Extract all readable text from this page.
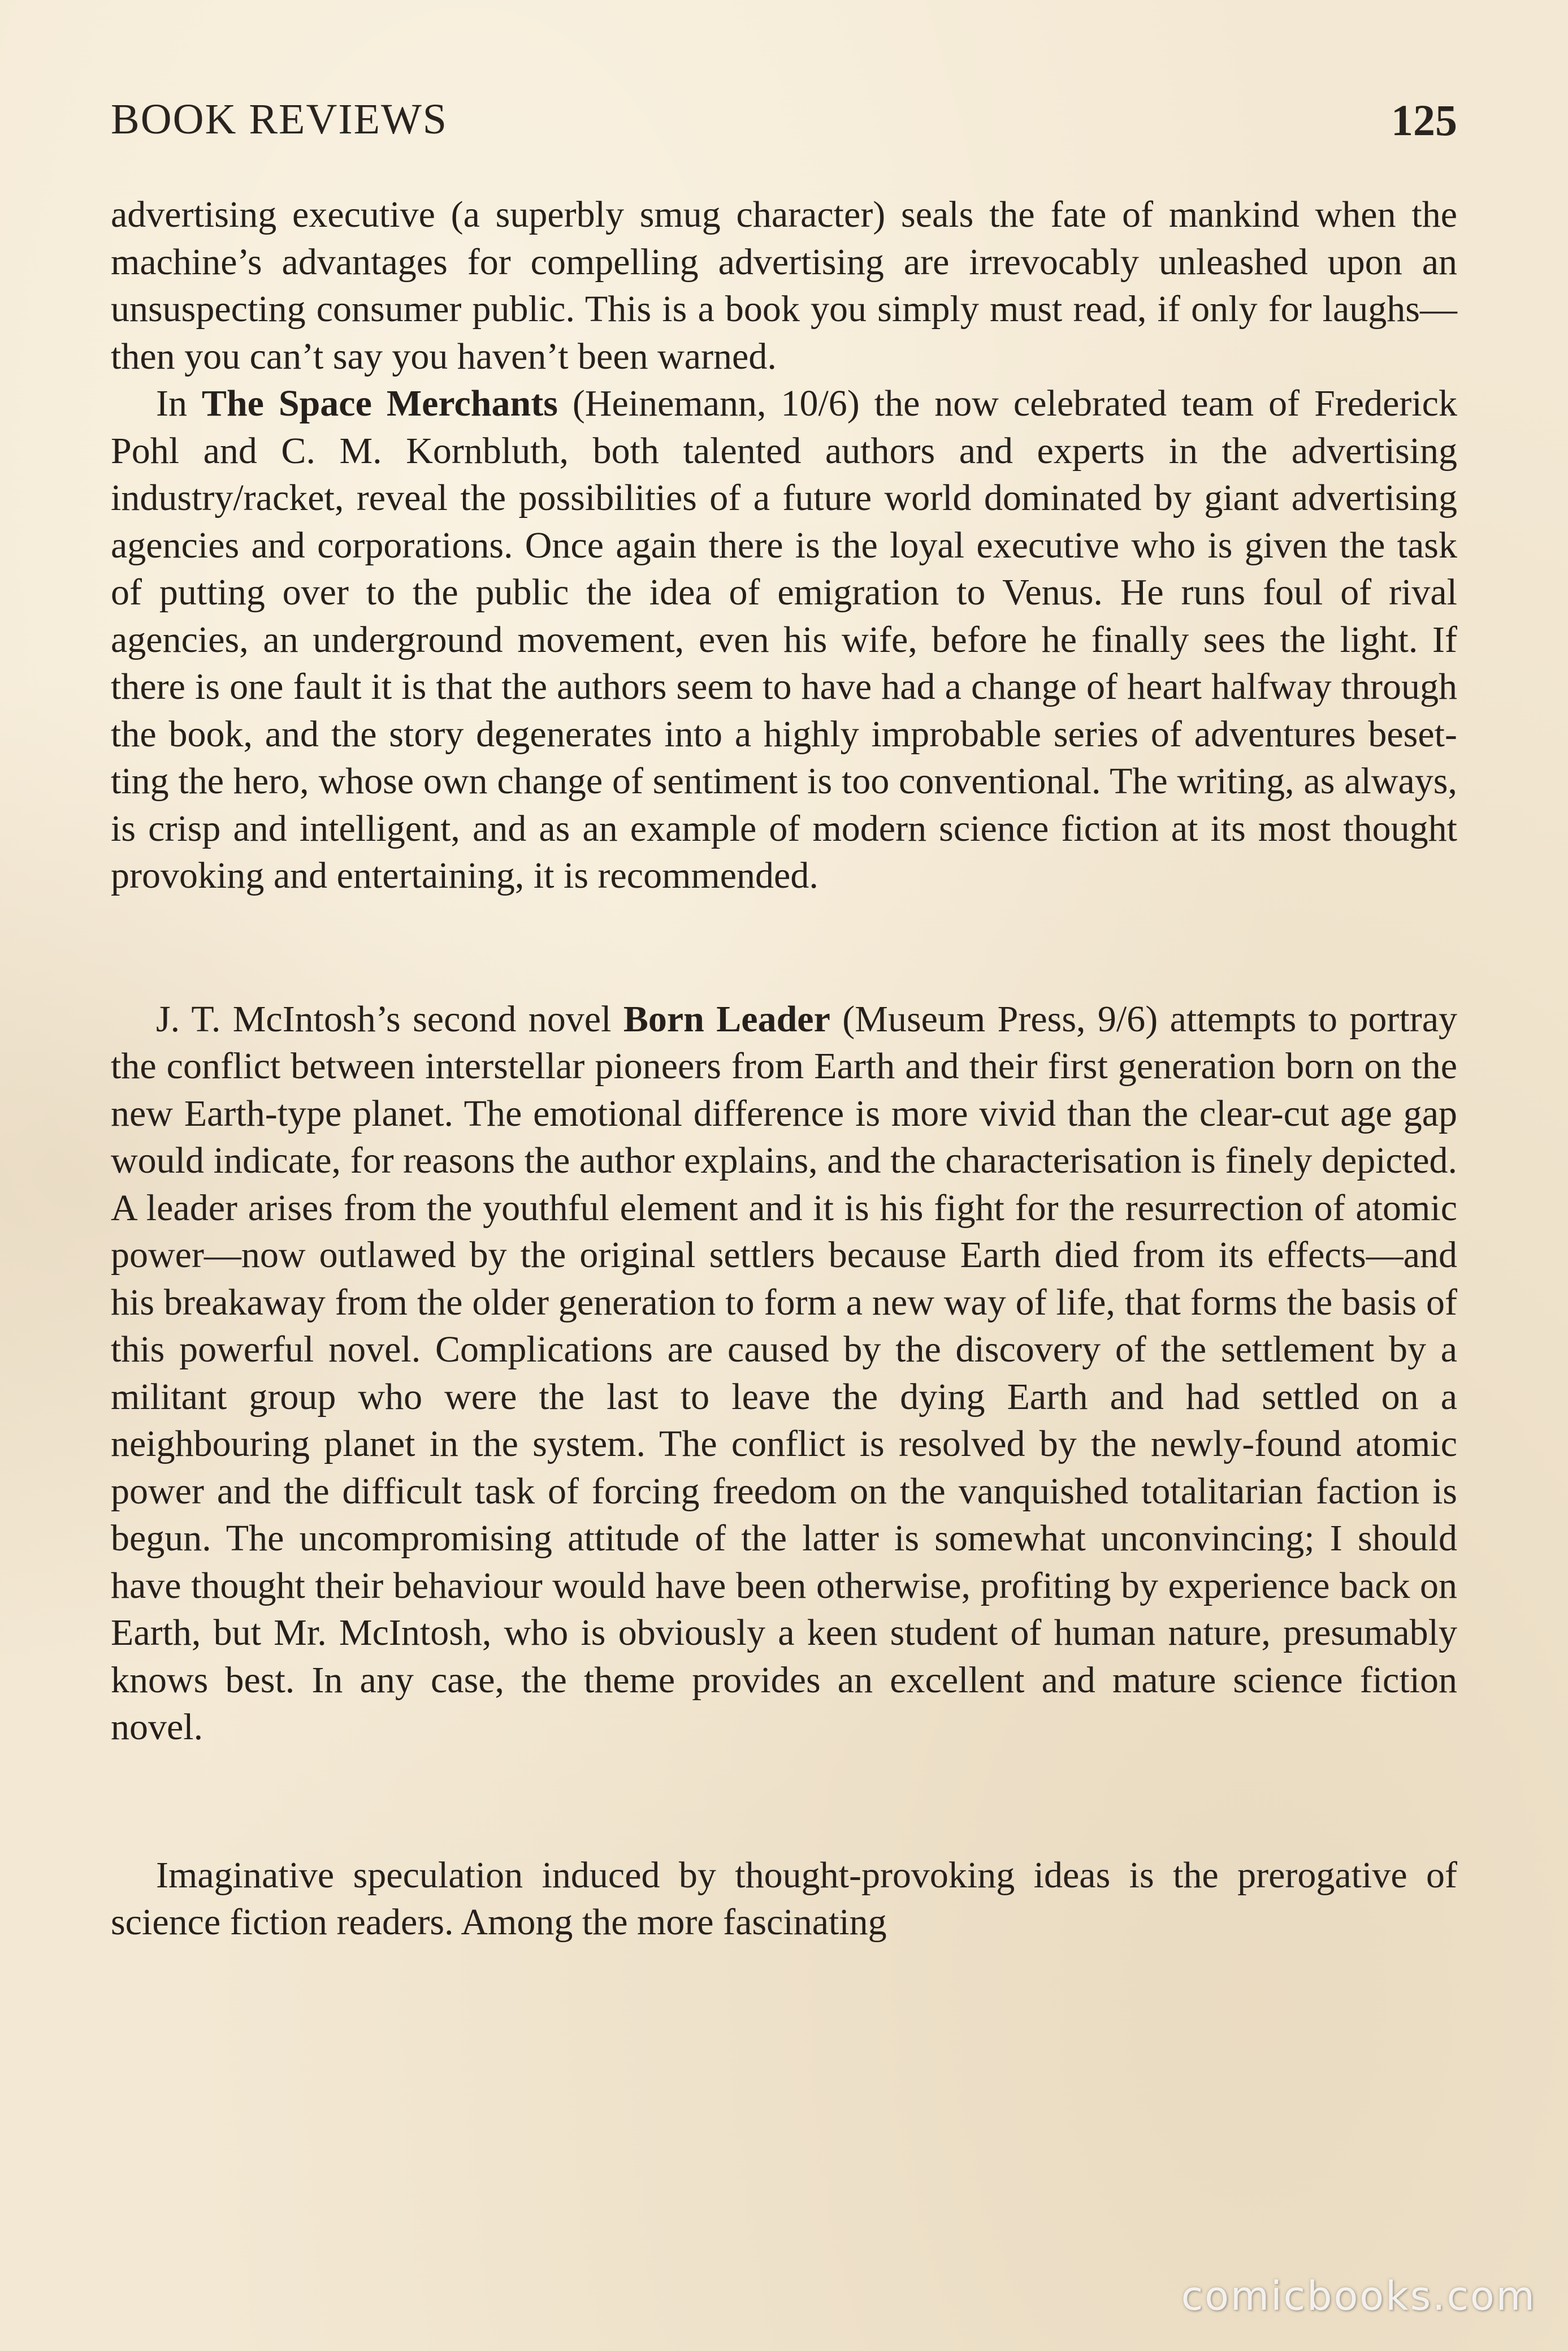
BOOK REVIEWS	125

advertising executive (a superbly smug character) seals the fate of mankind when the machine’s advantages for compelling advertising are irrevocably unleashed upon an unsuspecting consumer public. This is a book you simply must read, if only for laughs—then you can’t say you haven’t been warned.

In The Space Merchants (Heinemann, 10/6) the now celebrated team of Frederick Pohl and C. M. Kornbluth, both talented authors and experts in the advertising industry/racket, reveal the possibilities of a future world dominated by giant advertising agencies and corporations. Once again there is the loyal executive who is given the task of putting over to the public the idea of emigration to Venus. He runs foul of rival agencies, an underground movement, even his wife, before he finally sees the light. If there is one fault it is that the authors seem to have had a change of heart halfway through the book, and the story degenerates into a highly improbable series of adventures besetting the hero, whose own change of sentiment is too conventional. The writing, as always, is crisp and intelligent, and as an example of modern science fiction at its most thought provoking and entertaining, it is recommended.

J. T. McIntosh’s second novel Born Leader (Museum Press, 9/6) attempts to portray the conflict between interstellar pioneers from Earth and their first generation born on the new Earth-type planet. The emotional difference is more vivid than the clear-cut age gap would indicate, for reasons the author explains, and the characterisation is finely depicted. A leader arises from the youthful element and it is his fight for the resurrection of atomic power—now outlawed by the original settlers because Earth died from its effects—and his breakaway from the older generation to form a new way of life, that forms the basis of this powerful novel. Complications are caused by the discovery of the settlement by a militant group who were the last to leave the dying Earth and had settled on a neighbouring planet in the system. The conflict is resolved by the newly-found atomic power and the difficult task of forcing freedom on the vanquished totalitarian faction is begun. The uncompromising attitude of the latter is somewhat unconvincing; I should have thought their behaviour would have been otherwise, profiting by experience back on Earth, but Mr. McIntosh, who is obviously a keen student of human nature, presumably knows best. In any case, the theme provides an excellent and mature science fiction novel.

Imaginative speculation induced by thought-provoking ideas is the prerogative of science fiction readers. Among the more fascinating

comicbooks.com
